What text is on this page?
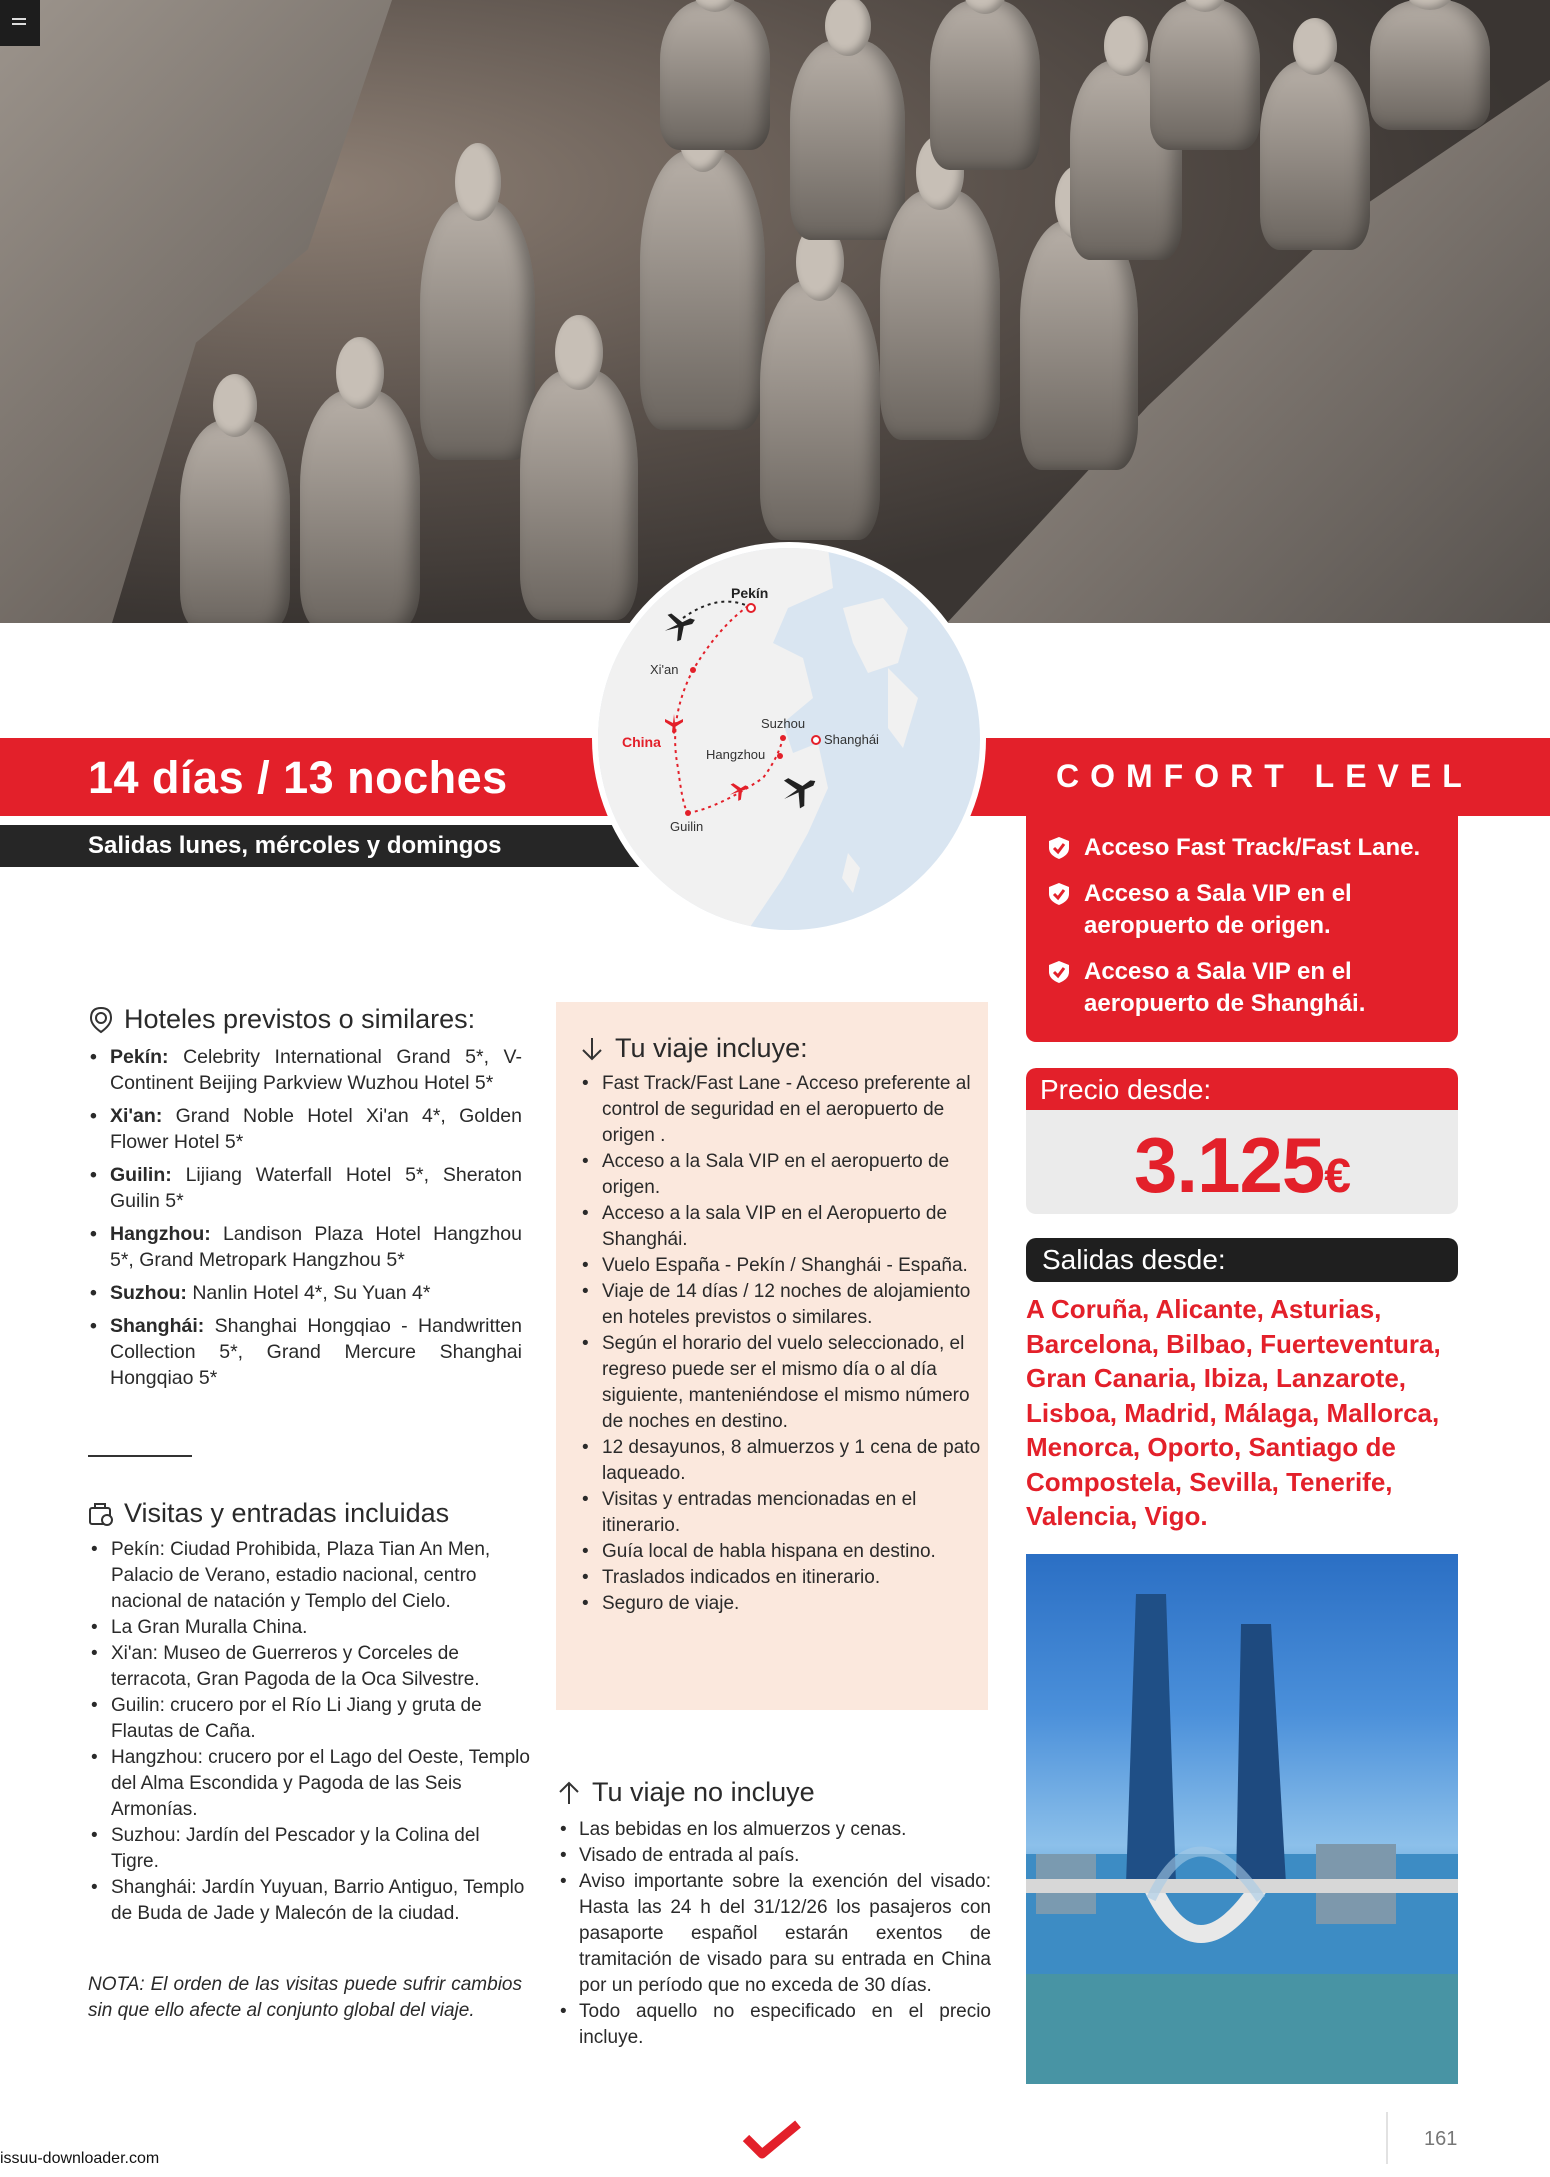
14 días / 13 noches
Salidas lunes, mércoles y domingos
COMFORT LEVEL
Pekín
Xi'an
China
Suzhou
Shanghái
Hangzhou
Guilin
Acceso Fast Track/Fast Lane.
Acceso a Sala VIP en el aeropuerto de origen.
Acceso a Sala VIP en el aeropuerto de Shanghái.
Precio desde:
3.125€
Salidas desde:
A Coruña, Alicante, Asturias, Barcelona, Bilbao, Fuerteventura, Gran Canaria, Ibiza, Lanzarote, Lisboa, Madrid, Málaga, Mallorca, Menorca, Oporto, Santiago de Compostela, Sevilla, Tenerife, Valencia, Vigo.
Hoteles previstos o similares:
• Pekín: Celebrity International Grand 5*, V-Continent Beijing Parkview Wuzhou Hotel 5*
• Xi'an: Grand Noble Hotel Xi'an 4*, Golden Flower Hotel 5*
• Guilin: Lijiang Waterfall Hotel 5*, Sheraton Guilin 5*
• Hangzhou: Landison Plaza Hotel Hangzhou 5*, Grand Metropark Hangzhou 5*
• Suzhou: Nanlin Hotel 4*, Su Yuan 4*
• Shanghái: Shanghai Hongqiao - Handwritten Collection 5*, Grand Mercure Shanghai Hongqiao 5*
Visitas y entradas incluidas
• Pekín: Ciudad Prohibida, Plaza Tian An Men, Palacio de Verano, estadio nacional, centro nacional de natación y Templo del Cielo.
• La Gran Muralla China.
• Xi'an: Museo de Guerreros y Corceles de terracota, Gran Pagoda de la Oca Silvestre.
• Guilin: crucero por el Río Li Jiang y gruta de Flautas de Caña.
• Hangzhou: crucero por el Lago del Oeste, Templo del Alma Escondida y Pagoda de las Seis Armonías.
• Suzhou: Jardín del Pescador y la Colina del Tigre.
• Shanghái: Jardín Yuyuan, Barrio Antiguo, Templo de Buda de Jade y Malecón de la ciudad.
NOTA: El orden de las visitas puede sufrir cambios sin que ello afecte al conjunto global del viaje.
Tu viaje incluye:
• Fast Track/Fast Lane - Acceso preferente al control de seguridad en el aeropuerto de origen .
• Acceso a la Sala VIP en el aeropuerto de origen.
• Acceso a la sala VIP en el Aeropuerto de Shanghái.
• Vuelo España - Pekín / Shanghái - España.
• Viaje de 14 días / 12 noches de alojamiento en hoteles previstos o similares.
• Según el horario del vuelo seleccionado, el regreso puede ser el mismo día o al día siguiente, manteniéndose el mismo número de noches en destino.
• 12 desayunos, 8 almuerzos y 1 cena de pato laqueado.
• Visitas y entradas mencionadas en el itinerario.
• Guía local de habla hispana en destino.
• Traslados indicados en itinerario.
• Seguro de viaje.
Tu viaje no incluye
• Las bebidas en los almuerzos y cenas.
• Visado de entrada al país.
• Aviso importante sobre la exención del visado: Hasta las 24 h del 31/12/26 los pasajeros con pasaporte español estarán exentos de tramitación de visado para su entrada en China por un período que no exceda de 30 días.
• Todo aquello no especificado en el precio incluye.
161
issuu-downloader.com
